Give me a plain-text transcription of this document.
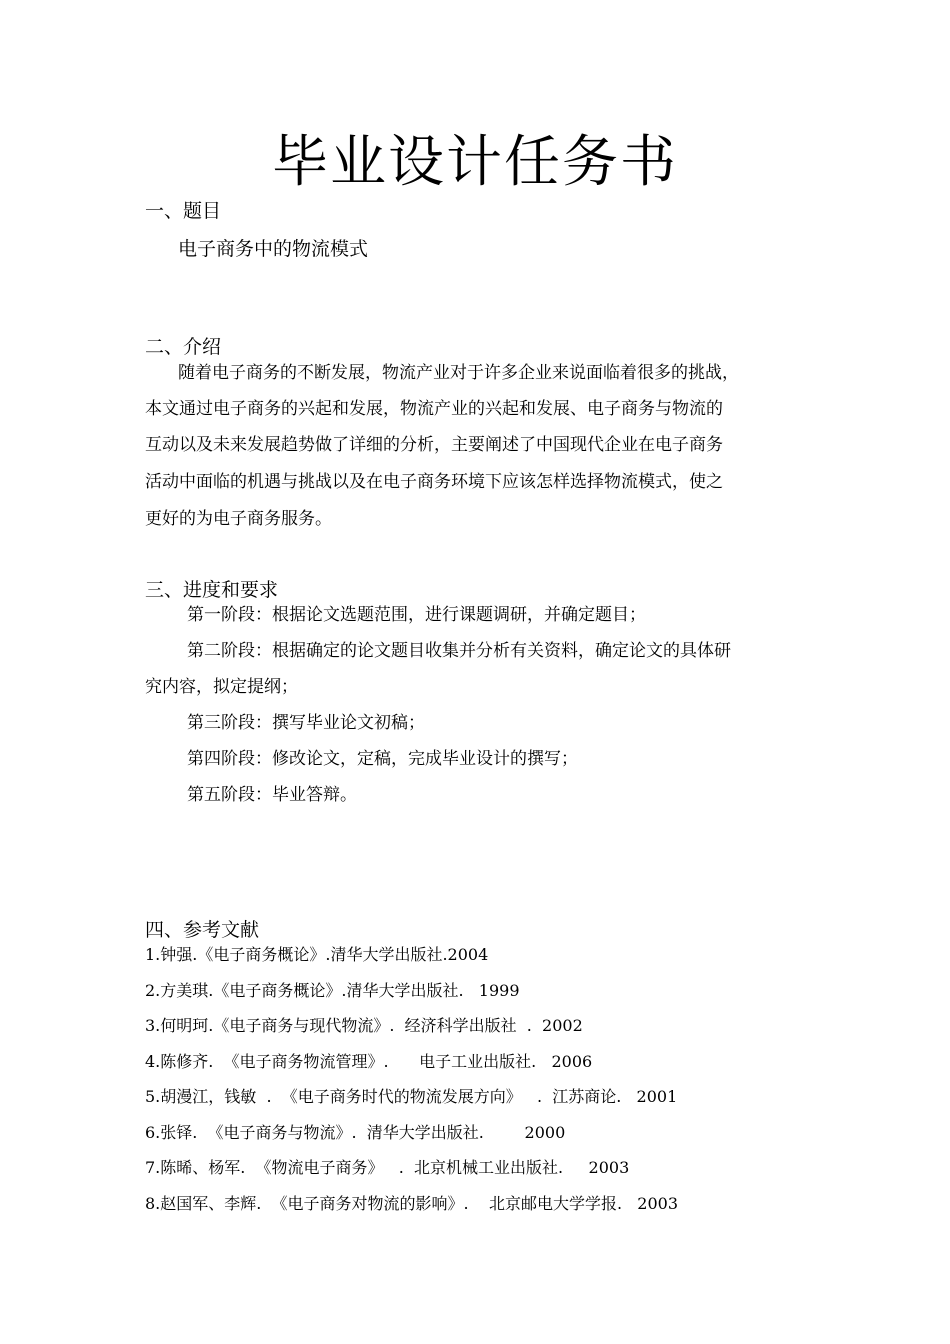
毕业设计任务书
一、题目
电子商务中的物流模式
二、介绍
随着电子商务的不断发展，物流产业对于许多企业来说面临着很多的挑战，
本文通过电子商务的兴起和发展，物流产业的兴起和发展、电子商务与物流的
互动以及未来发展趋势做了详细的分析，主要阐述了中国现代企业在电子商务
活动中面临的机遇与挑战以及在电子商务环境下应该怎样选择物流模式，使之
更好的为电子商务服务。
三、进度和要求
第一阶段：根据论文选题范围，进行课题调研，并确定题目；
第二阶段：根据确定的论文题目收集并分析有关资料，确定论文的具体研
究内容，拟定提纲；
第三阶段：撰写毕业论文初稿；
第四阶段：修改论文，定稿，完成毕业设计的撰写；
第五阶段：毕业答辩。
四、参考文献
1.钟强.《电子商务概论》.清华大学出版社.2004
2.方美琪.《电子商务概论》.清华大学出版社.   1999
3.何明珂.《电子商务与现代物流》.  经济科学出版社  .  2002
4.陈修齐.  《电子商务物流管理》.      电子工业出版社.   2006
5.胡漫江，钱敏  .  《电子商务时代的物流发展方向》   .  江苏商论.   2001
6.张铎.  《电子商务与物流》.  清华大学出版社.        2000
7.陈晞、杨军.  《物流电子商务》   .  北京机械工业出版社.     2003
8.赵国军、李辉.  《电子商务对物流的影响》.    北京邮电大学学报.   2003
